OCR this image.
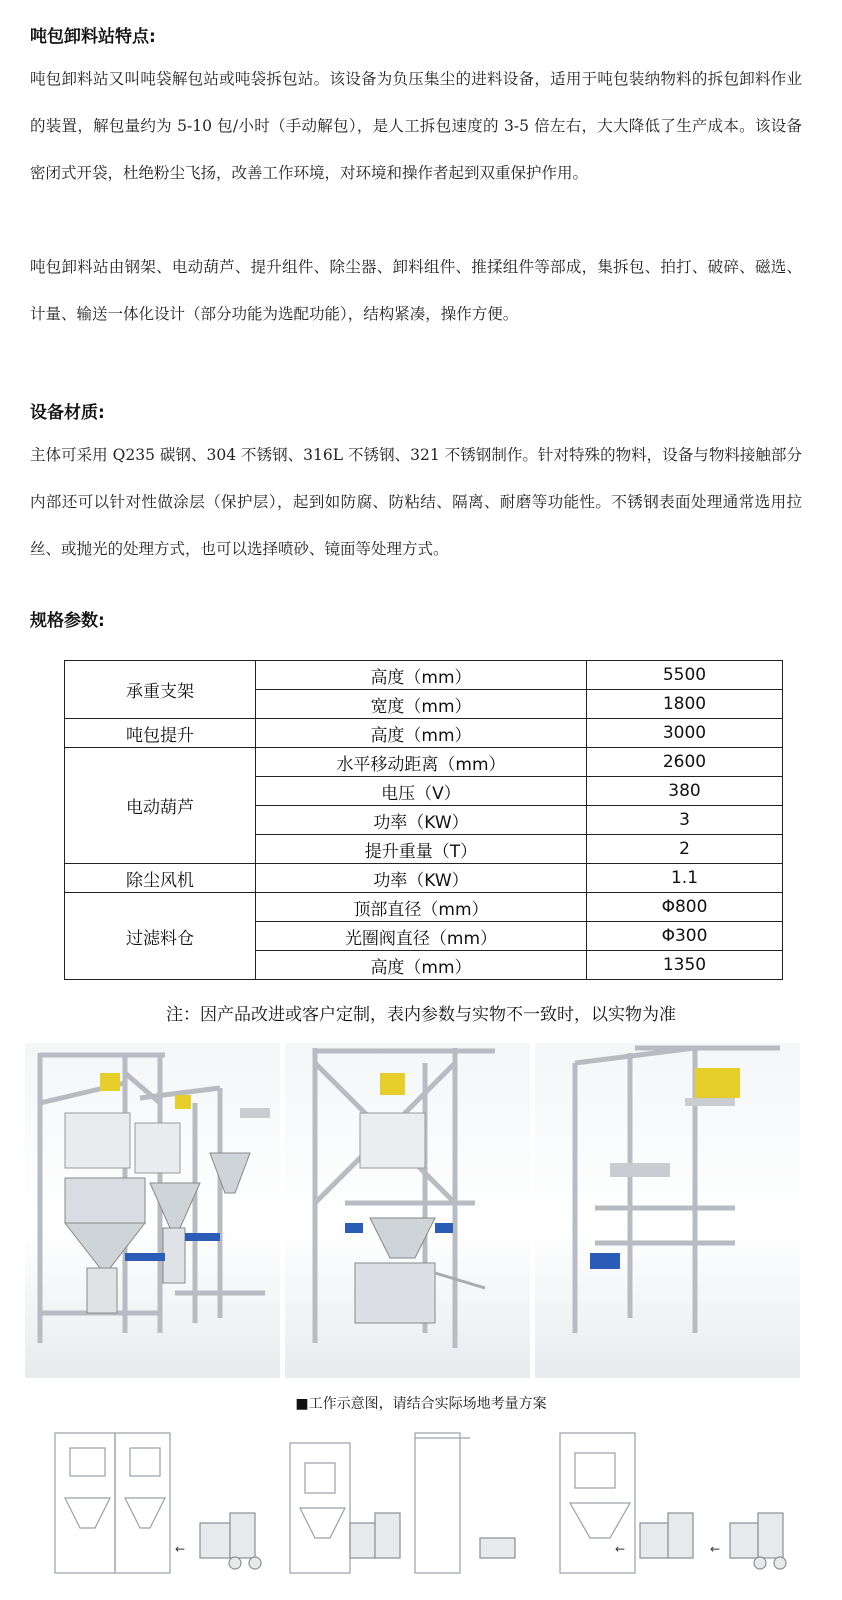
吨包卸料站特点:
吨包卸料站又叫吨袋解包站或吨袋拆包站。该设备为负压集尘的进料设备，适用于吨包装纳物料的拆包卸料作业的装置，解包量约为 5-10 包/小时（手动解包），是人工拆包速度的 3-5 倍左右，大大降低了生产成本。该设备密闭式开袋，杜绝粉尘飞扬，改善工作环境，对环境和操作者起到双重保护作用。
吨包卸料站由钢架、电动葫芦、提升组件、除尘器、卸料组件、推揉组件等部成，集拆包、拍打、破碎、磁选、计量、输送一体化设计（部分功能为选配功能），结构紧凑，操作方便。
设备材质:
主体可采用 Q235 碳钢、304 不锈钢、316L 不锈钢、321 不锈钢制作。针对特殊的物料，设备与物料接触部分内部还可以针对性做涂层（保护层），起到如防腐、防粘结、隔离、耐磨等功能性。不锈钢表面处理通常选用拉丝、或抛光的处理方式，也可以选择喷砂、镜面等处理方式。
规格参数:
承重支架	高度（mm）	5500
	宽度（mm）	1800
吨包提升	高度（mm）	3000
电动葫芦	水平移动距离（mm）	2600
	电压（V）	380
	功率（KW）	3
	提升重量（T）	2
除尘风机	功率（KW）	1.1
过滤料仓	顶部直径（mm）	Φ800
	光圈阀直径（mm）	Φ300
	高度（mm）	1350
注：因产品改进或客户定制，表内参数与实物不一致时，以实物为准
■工作示意图，请结合实际场地考量方案
←	←	←
